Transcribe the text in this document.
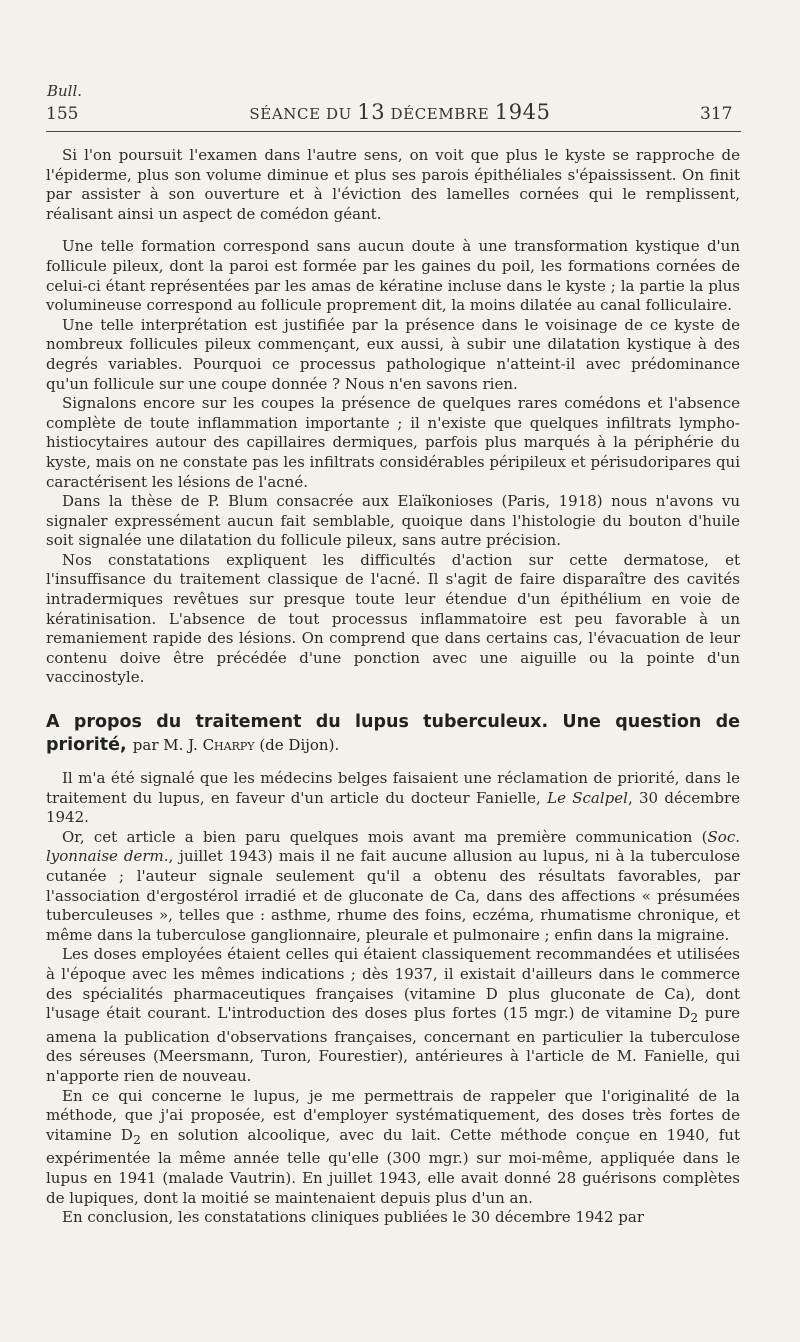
Bull.
155	SÉANCE DU 13 DÉCEMBRE 1945	317

Si l'on poursuit l'examen dans l'autre sens, on voit que plus le kyste se rapproche de l'épiderme, plus son volume diminue et plus ses parois épithéliales s'épaississent. On finit par assister à son ouverture et à l'éviction des lamelles cornées qui le remplissent, réalisant ainsi un aspect de comédon géant.

Une telle formation correspond sans aucun doute à une transformation kystique d'un follicule pileux, dont la paroi est formée par les gaines du poil, les formations cornées de celui-ci étant représentées par les amas de kératine incluse dans le kyste ; la partie la plus volumineuse correspond au follicule proprement dit, la moins dilatée au canal folliculaire.

Une telle interprétation est justifiée par la présence dans le voisinage de ce kyste de nombreux follicules pileux commençant, eux aussi, à subir une dilatation kystique à des degrés variables. Pourquoi ce processus pathologique n'atteint-il avec prédominance qu'un follicule sur une coupe donnée ? Nous n'en savons rien.

Signalons encore sur les coupes la présence de quelques rares comédons et l'absence complète de toute inflammation importante ; il n'existe que quelques infiltrats lympho-histiocytaires autour des capillaires dermiques, parfois plus marqués à la périphérie du kyste, mais on ne constate pas les infiltrats considérables péripileux et périsudoripares qui caractérisent les lésions de l'acné.

Dans la thèse de P. Blum consacrée aux Elaïkonioses (Paris, 1918) nous n'avons vu signaler expressément aucun fait semblable, quoique dans l'histologie du bouton d'huile soit signalée une dilatation du follicule pileux, sans autre précision.

Nos constatations expliquent les difficultés d'action sur cette dermatose, et l'insuffisance du traitement classique de l'acné. Il s'agit de faire disparaître des cavités intradermiques revêtues sur presque toute leur étendue d'un épithélium en voie de kératinisation. L'absence de tout processus inflammatoire est peu favorable à un remaniement rapide des lésions. On comprend que dans certains cas, l'évacuation de leur contenu doive être précédée d'une ponction avec une aiguille ou la pointe d'un vaccinostyle.

A propos du traitement du lupus tuberculeux. Une question de priorité, par M. J. Charpy (de Dijon).

Il m'a été signalé que les médecins belges faisaient une réclamation de priorité, dans le traitement du lupus, en faveur d'un article du docteur Fanielle, Le Scalpel, 30 décembre 1942.

Or, cet article a bien paru quelques mois avant ma première communication (Soc. lyonnaise derm., juillet 1943) mais il ne fait aucune allusion au lupus, ni à la tuberculose cutanée ; l'auteur signale seulement qu'il a obtenu des résultats favorables, par l'association d'ergostérol irradié et de gluconate de Ca, dans des affections « présumées tuberculeuses », telles que : asthme, rhume des foins, eczéma, rhumatisme chronique, et même dans la tuberculose ganglionnaire, pleurale et pulmonaire ; enfin dans la migraine.

Les doses employées étaient celles qui étaient classiquement recommandées et utilisées à l'époque avec les mêmes indications ; dès 1937, il existait d'ailleurs dans le commerce des spécialités pharmaceutiques françaises (vitamine D plus gluconate de Ca), dont l'usage était courant. L'introduction des doses plus fortes (15 mgr.) de vitamine $D_2$ pure amena la publication d'observations françaises, concernant en particulier la tuberculose des séreuses (Meersmann, Turon, Fourestier), antérieures à l'article de M. Fanielle, qui n'apporte rien de nouveau.

En ce qui concerne le lupus, je me permettrais de rappeler que l'originalité de la méthode, que j'ai proposée, est d'employer systématiquement, des doses très fortes de vitamine $D_2$ en solution alcoolique, avec du lait. Cette méthode conçue en 1940, fut expérimentée la même année telle qu'elle (300 mgr.) sur moi-même, appliquée dans le lupus en 1941 (malade Vautrin). En juillet 1943, elle avait donné 28 guérisons complètes de lupiques, dont la moitié se maintenaient depuis plus d'un an.

En conclusion, les constatations cliniques publiées le 30 décembre 1942 par
